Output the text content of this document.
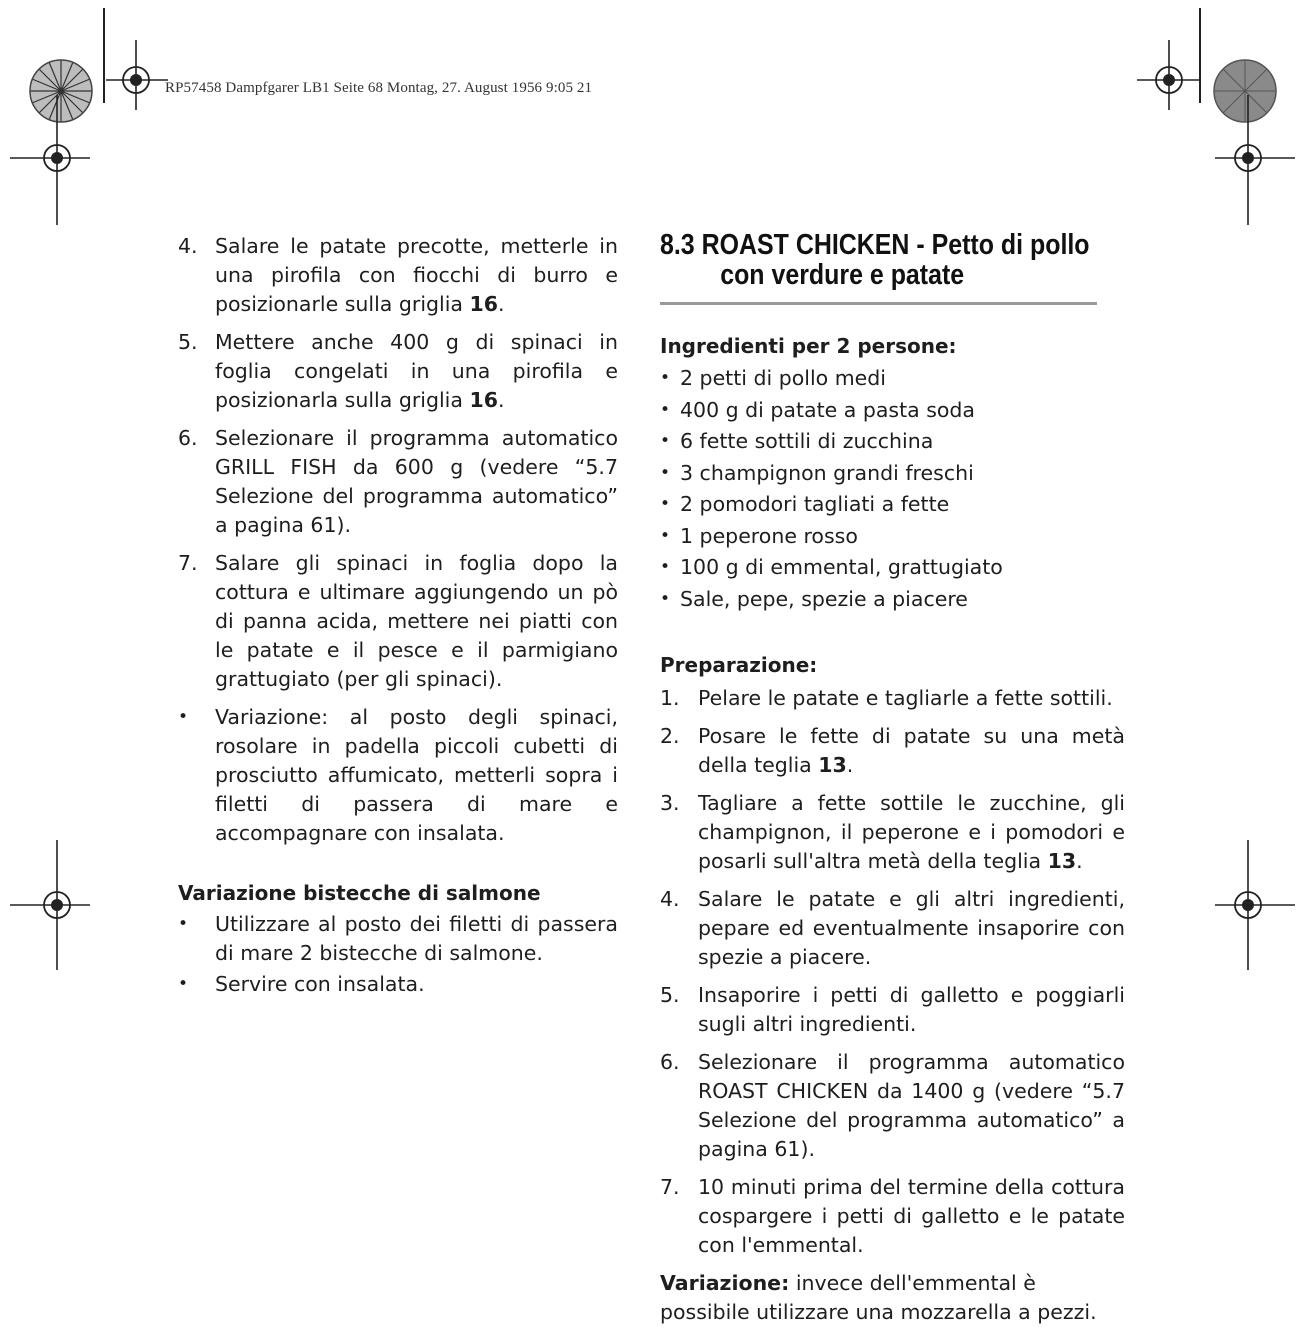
RP57458 Dampfgarer LB1 Seite 68 Montag, 27. August 1956 9:05 21
4. Salare le patate precotte, metterle in una pirofila con fiocchi di burro e posizionarle sulla griglia 16.
5. Mettere anche 400 g di spinaci in foglia congelati in una pirofila e posizionarla sulla griglia 16.
6. Selezionare il programma automatico GRILL FISH da 600 g (vedere “5.7 Selezione del programma automatico” a pagina 61).
7. Salare gli spinaci in foglia dopo la cottura e ultimare aggiungendo un pò di panna acida, mettere nei piatti con le patate e il pesce e il parmigiano grattugiato (per gli spinaci).
• Variazione: al posto degli spinaci, rosolare in padella piccoli cubetti di prosciutto affumicato, metterli sopra i filetti di passera di mare e accompagnare con insalata.
Variazione bistecche di salmone
• Utilizzare al posto dei filetti di passera di mare 2 bistecche di salmone.
• Servire con insalata.
8.3 ROAST CHICKEN - Petto di pollo
con verdure e patate
Ingredienti per 2 persone:
• 2 petti di pollo medi
• 400 g di patate a pasta soda
• 6 fette sottili di zucchina
• 3 champignon grandi freschi
• 2 pomodori tagliati a fette
• 1 peperone rosso
• 100 g di emmental, grattugiato
• Sale, pepe, spezie a piacere
Preparazione:
1. Pelare le patate e tagliarle a fette sottili.
2. Posare le fette di patate su una metà della teglia 13.
3. Tagliare a fette sottile le zucchine, gli champignon, il peperone e i pomodori e posarli sull'altra metà della teglia 13.
4. Salare le patate e gli altri ingredienti, pepare ed eventualmente insaporire con spezie a piacere.
5. Insaporire i petti di galletto e poggiarli sugli altri ingredienti.
6. Selezionare il programma automatico ROAST CHICKEN da 1400 g (vedere “5.7 Selezione del programma automatico” a pagina 61).
7. 10 minuti prima del termine della cottura cospargere i petti di galletto e le patate con l'emmental.
Variazione: invece dell'emmental è possibile utilizzare una mozzarella a pezzi.
